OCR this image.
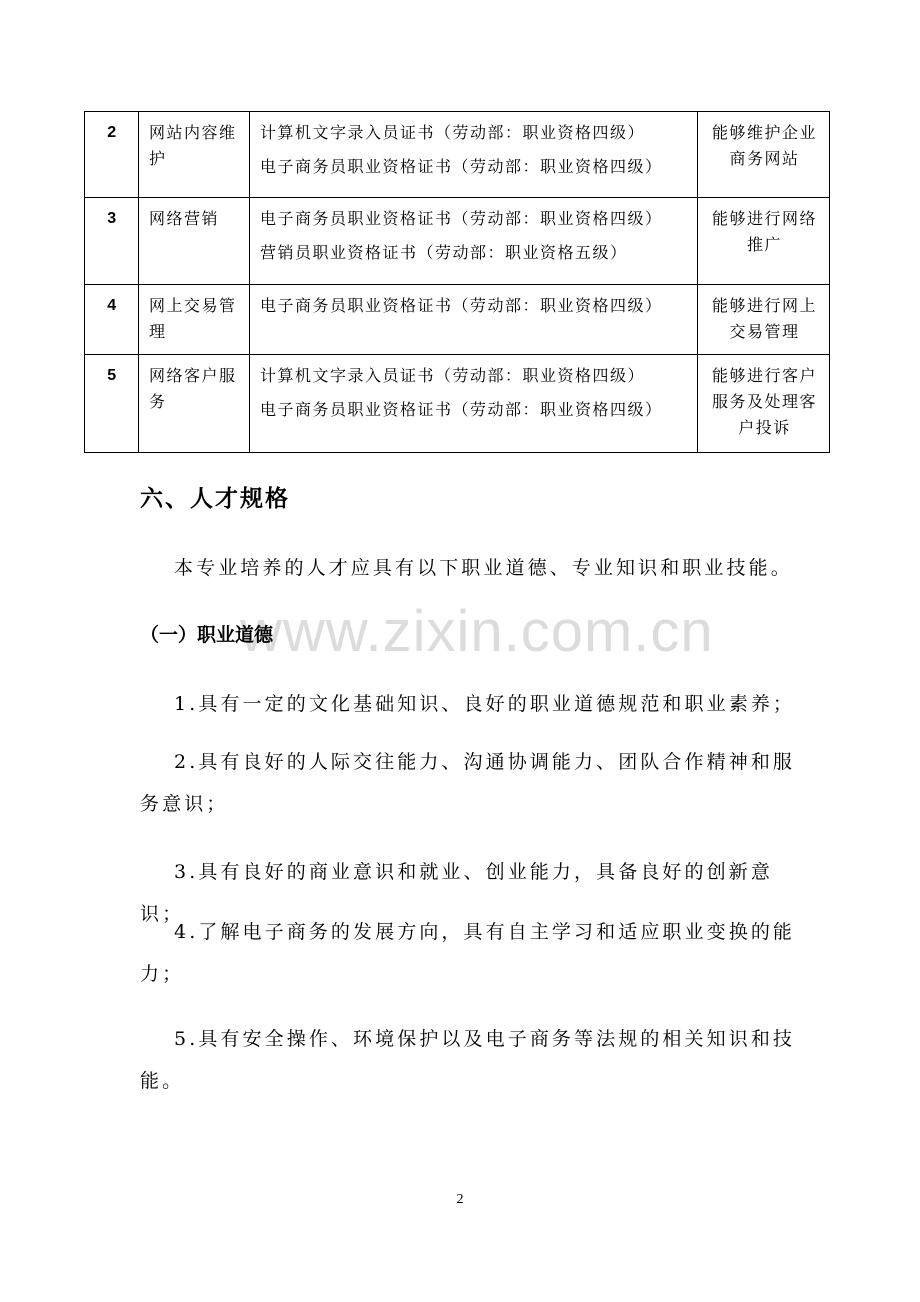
www.zixin.com.cn
2	网站内容维护	计算机文字录入员证书（劳动部：职业资格四级）
电子商务员职业资格证书（劳动部：职业资格四级）	能够维护企业商务网站
3	网络营销	电子商务员职业资格证书（劳动部：职业资格四级）
营销员职业资格证书（劳动部：职业资格五级）	能够进行网络推广
4	网上交易管理	电子商务员职业资格证书（劳动部：职业资格四级）	能够进行网上交易管理
5	网络客户服务	计算机文字录入员证书（劳动部：职业资格四级）
电子商务员职业资格证书（劳动部：职业资格四级）	能够进行客户服务及处理客户投诉
六、人才规格

本专业培养的人才应具有以下职业道德、专业知识和职业技能。

（一）职业道德

1.具有一定的文化基础知识、良好的职业道德规范和职业素养；

2.具有良好的人际交往能力、沟通协调能力、团队合作精神和服务意识；

3.具有良好的商业意识和就业、创业能力，具备良好的创新意识；

4.了解电子商务的发展方向，具有自主学习和适应职业变换的能力；

5.具有安全操作、环境保护以及电子商务等法规的相关知识和技能。

2
